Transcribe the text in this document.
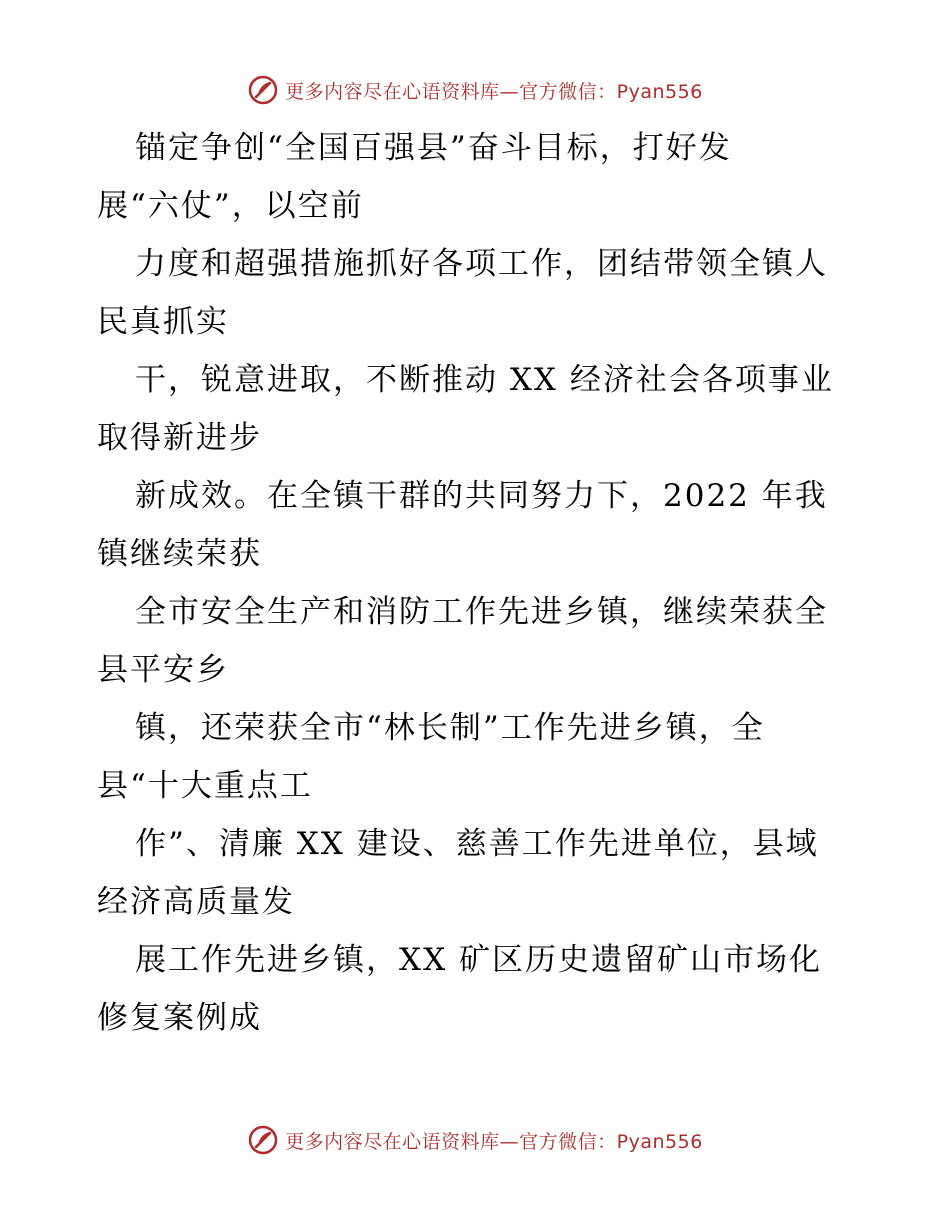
更多内容尽在心语资料库—官方微信：Pyan556
锚定争创“全国百强县”奋斗目标，打好发
展“六仗”，以空前
力度和超强措施抓好各项工作，团结带领全镇人
民真抓实
干，锐意进取，不断推动 XX 经济社会各项事业
取得新进步
新成效。在全镇干群的共同努力下，2022 年我
镇继续荣获
全市安全生产和消防工作先进乡镇，继续荣获全
县平安乡
镇，还荣获全市“林长制”工作先进乡镇，全
县“十大重点工
作”、清廉 XX 建设、慈善工作先进单位，县域
经济高质量发
展工作先进乡镇，XX 矿区历史遗留矿山市场化
修复案例成
更多内容尽在心语资料库—官方微信：Pyan556
